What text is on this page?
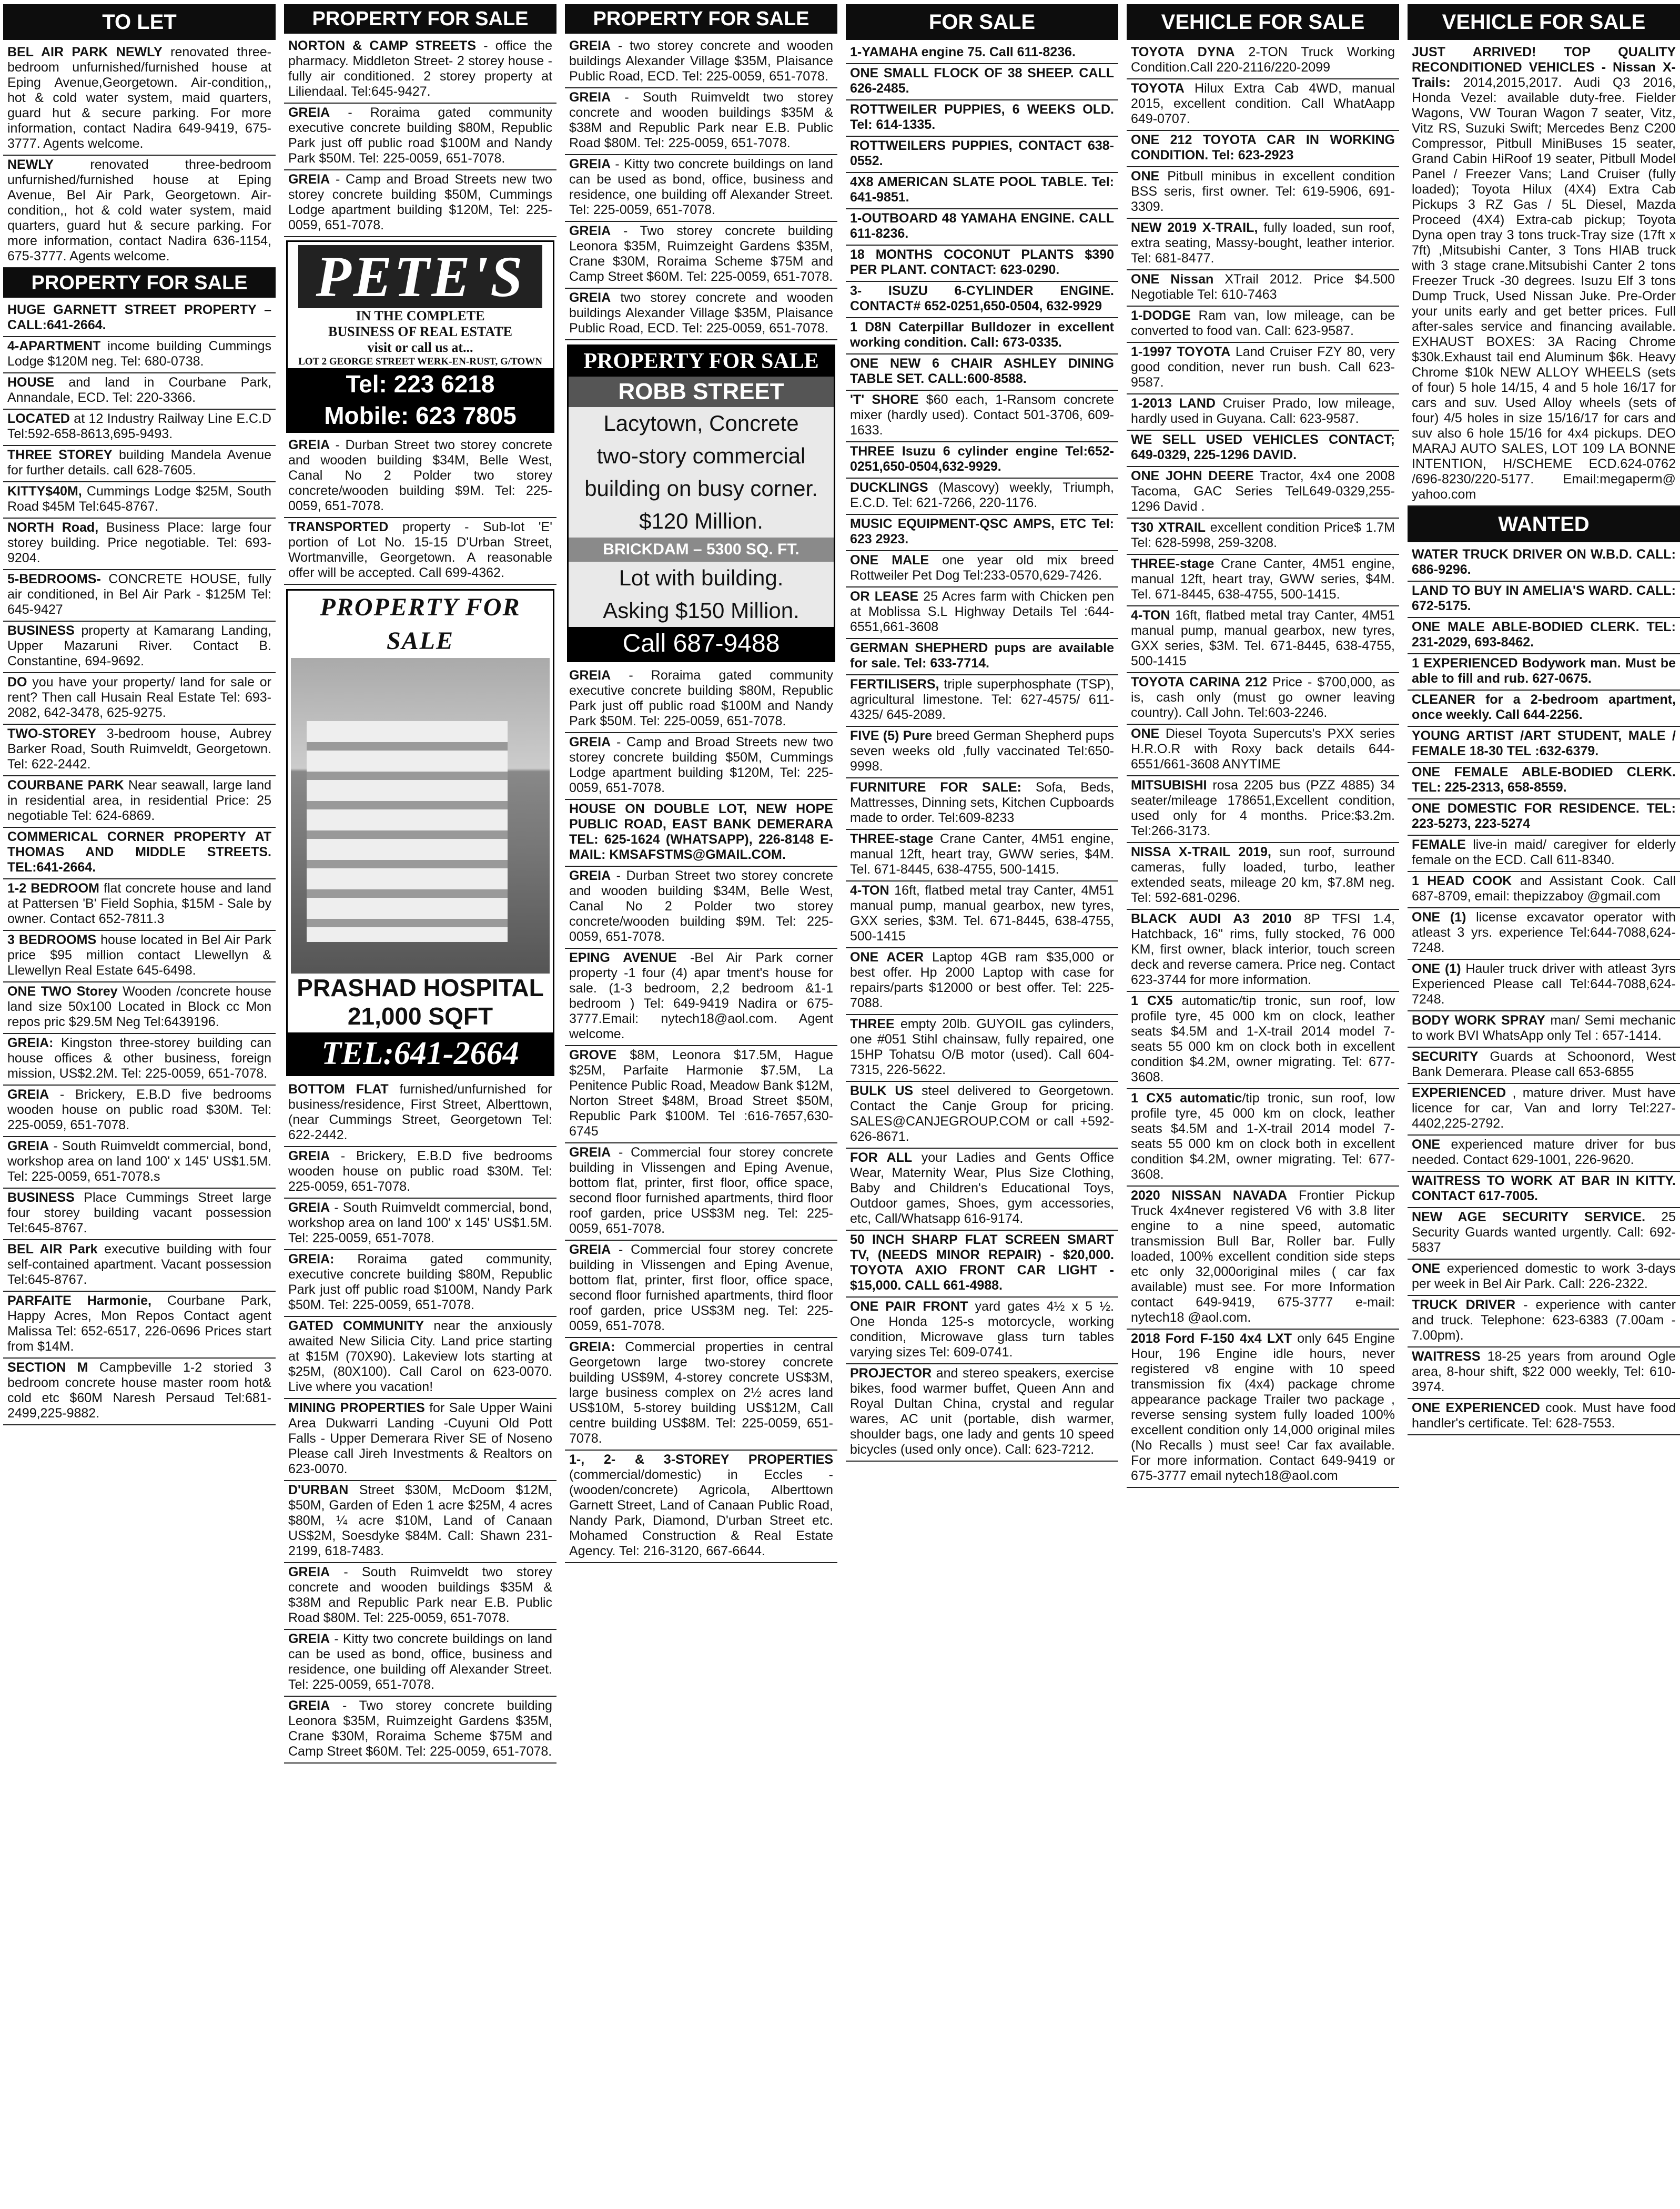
TO LET
BEL AIR PARK NEWLY renovated three-bedroom unfurnished/furnished house at Eping Avenue,Georgetown. Air-condition,, hot & cold water system, maid quarters, guard hut & secure parking. For more information, contact Nadira 649-9419, 675-3777. Agents welcome.
NEWLY renovated three-bedroom unfurnished/furnished house at Eping Avenue, Bel Air Park, Georgetown. Air-condition,, hot & cold water system, maid quarters, guard hut & secure parking. For more information, contact Nadira 636-1154, 675-3777. Agents welcome.
PROPERTY FOR SALE
HUGE GARNETT STREET PROPERTY – CALL:641-2664.
4-APARTMENT income building Cummings Lodge $120M neg. Tel: 680-0738.
HOUSE and land in Courbane Park, Annandale, ECD. Tel: 220-3366.
LOCATED at 12 Industry Railway Line E.C.D Tel:592-658-8613,695-9493.
THREE STOREY building Mandela Avenue for further details. call 628-7605.
KITTY$40M, Cummings Lodge $25M, South Road $45M Tel:645-8767.
NORTH Road, Business Place: large four storey building. Price negotiable. Tel: 693-9204.
5-BEDROOMS- CONCRETE HOUSE, fully air conditioned, in Bel Air Park - $125M Tel: 645-9427
BUSINESS property at Kamarang Landing, Upper Mazaruni River. Contact B. Constantine, 694-9692.
DO you have your property/ land for sale or rent? Then call Husain Real Estate Tel: 693-2082, 642-3478, 625-9275.
TWO-STOREY 3-bedroom house, Aubrey Barker Road, South Ruimveldt, Georgetown. Tel: 622-2442.
COURBANE PARK Near seawall, large land in residential area, in residential Price: 25 negotiable Tel: 624-6869.
COMMERICAL CORNER PROPERTY AT THOMAS AND MIDDLE STREETS. TEL:641-2664.
1-2 BEDROOM flat concrete house and land at Pattersen 'B' Field Sophia, $15M - Sale by owner. Contact 652-7811.3
3 BEDROOMS house located in Bel Air Park price $95 million contact Llewellyn & Llewellyn Real Estate 645-6498.
ONE TWO Storey Wooden /concrete house land size 50x100 Located in Block cc Mon repos pric $29.5M Neg Tel:6439196.
GREIA: Kingston three-storey building can house offices & other business, foreign mission, US$2.2M. Tel: 225-0059, 651-7078.
GREIA - Brickery, E.B.D five bedrooms wooden house on public road $30M. Tel: 225-0059, 651-7078.
GREIA - South Ruimveldt commercial, bond, workshop area on land 100' x 145' US$1.5M. Tel: 225-0059, 651-7078.s
BUSINESS Place Cummings Street large four storey building vacant possession Tel:645-8767.
BEL AIR Park executive building with four self-contained apartment. Vacant possession Tel:645-8767.
PARFAITE Harmonie, Courbane Park, Happy Acres, Mon Repos Contact agent Malissa Tel: 652-6517, 226-0696 Prices start from $14M.
SECTION M Campbeville 1-2 storied 3 bedroom concrete house master room hot& cold etc $60M Naresh Persaud Tel:681-2499,225-9882.
PROPERTY FOR SALE
NORTON & CAMP STREETS - office the pharmacy. Middleton Street- 2 storey house - fully air conditioned. 2 storey property at Liliendaal. Tel:645-9427.
GREIA - Roraima gated community executive concrete building $80M, Republic Park just off public road $100M and Nandy Park $50M. Tel: 225-0059, 651-7078.
GREIA - Camp and Broad Streets new two storey concrete building $50M, Cummings Lodge apartment building $120M, Tel: 225-0059, 651-7078.
PETE'S
IN THE COMPLETE
BUSINESS OF REAL ESTATE
visit or call us at...
LOT 2 GEORGE STREET WERK-EN-RUST, G/TOWN
Tel: 223 6218
Mobile: 623 7805
GREIA - Durban Street two storey concrete and wooden building $34M, Belle West, Canal No 2 Polder two storey concrete/wooden building $9M. Tel: 225-0059, 651-7078.
TRANSPORTED property - Sub-lot 'E' portion of Lot No. 15-15 D'Urban Street, Wortmanville, Georgetown. A reasonable offer will be accepted. Call 699-4362.
PROPERTY FOR SALE
PRASHAD HOSPITAL
21,000 SQFT
TEL:641-2664
BOTTOM FLAT furnished/unfurnished for business/residence, First Street, Alberttown, (near Cummings Street, Georgetown Tel: 622-2442.
GREIA - Brickery, E.B.D five bedrooms wooden house on public road $30M. Tel: 225-0059, 651-7078.
GREIA - South Ruimveldt commercial, bond, workshop area on land 100' x 145' US$1.5M. Tel: 225-0059, 651-7078.
GREIA: Roraima gated community, executive concrete building $80M, Republic Park just off public road $100M, Nandy Park $50M. Tel: 225-0059, 651-7078.
GATED COMMUNITY near the anxiously awaited New Silicia City. Land price starting at $15M (70X90). Lakeview lots starting at $25M, (80X100). Call Carol on 623-0070. Live where you vacation!
MINING PROPERTIES for Sale Upper Waini Area Dukwarri Landing -Cuyuni Old Pott Falls - Upper Demerara River SE of Noseno Please call Jireh Investments & Realtors on 623-0070.
D'URBAN Street $30M, McDoom $12M, $50M, Garden of Eden 1 acre $25M, 4 acres $80M, ¼ acre $10M, Land of Canaan US$2M, Soesdyke $84M. Call: Shawn 231-2199, 618-7483.
GREIA - South Ruimveldt two storey concrete and wooden buildings $35M & $38M and Republic Park near E.B. Public Road $80M. Tel: 225-0059, 651-7078.
GREIA - Kitty two concrete buildings on land can be used as bond, office, business and residence, one building off Alexander Street. Tel: 225-0059, 651-7078.
GREIA - Two storey concrete building Leonora $35M, Ruimzeight Gardens $35M, Crane $30M, Roraima Scheme $75M and Camp Street $60M. Tel: 225-0059, 651-7078.
PROPERTY FOR SALE
GREIA - two storey concrete and wooden buildings Alexander Village $35M, Plaisance Public Road, ECD. Tel: 225-0059, 651-7078.
GREIA - South Ruimveldt two storey concrete and wooden buildings $35M & $38M and Republic Park near E.B. Public Road $80M. Tel: 225-0059, 651-7078.
GREIA - Kitty two concrete buildings on land can be used as bond, office, business and residence, one building off Alexander Street. Tel: 225-0059, 651-7078.
GREIA - Two storey concrete building Leonora $35M, Ruimzeight Gardens $35M, Crane $30M, Roraima Scheme $75M and Camp Street $60M. Tel: 225-0059, 651-7078.
GREIA two storey concrete and wooden buildings Alexander Village $35M, Plaisance Public Road, ECD. Tel: 225-0059, 651-7078.
PROPERTY FOR SALE
ROBB STREET
Lacytown, Concrete
two-story commercial
building on busy corner.
$120 Million.
BRICKDAM – 5300 SQ. FT.
Lot with building.
Asking $150 Million.
Call 687-9488
GREIA - Roraima gated community executive concrete building $80M, Republic Park just off public road $100M and Nandy Park $50M. Tel: 225-0059, 651-7078.
GREIA - Camp and Broad Streets new two storey concrete building $50M, Cummings Lodge apartment building $120M, Tel: 225-0059, 651-7078.
HOUSE ON DOUBLE LOT, NEW HOPE PUBLIC ROAD, EAST BANK DEMERARA TEL: 625-1624 (WHATSAPP), 226-8148 E-MAIL: KMSAFSTMS@GMAIL.COM.
GREIA - Durban Street two storey concrete and wooden building $34M, Belle West, Canal No 2 Polder two storey concrete/wooden building $9M. Tel: 225-0059, 651-7078.
EPING AVENUE -Bel Air Park corner property -1 four (4) apar tment's house for sale. (1-3 bedroom, 2,2 bedroom &1-1 bedroom ) Tel: 649-9419 Nadira or 675-3777.Email: nytech18@aol.com. Agent welcome.
GROVE $8M, Leonora $17.5M, Hague $25M, Parfaite Harmonie $7.5M, La Penitence Public Road, Meadow Bank $12M, Norton Street $48M, Broad Street $50M, Republic Park $100M. Tel :616-7657,630-6745
GREIA - Commercial four storey concrete building in Vlissengen and Eping Avenue, bottom flat, printer, first floor, office space, second floor furnished apartments, third floor roof garden, price US$3M neg. Tel: 225-0059, 651-7078.
GREIA - Commercial four storey concrete building in Vlissengen and Eping Avenue, bottom flat, printer, first floor, office space, second floor furnished apartments, third floor roof garden, price US$3M neg. Tel: 225-0059, 651-7078.
GREIA: Commercial properties in central Georgetown large two-storey concrete building US$9M, 4-storey concrete US$3M, large business complex on 2½ acres land US$10M, 5-storey building US$12M, Call centre building US$8M. Tel: 225-0059, 651-7078.
1-, 2- & 3-STOREY PROPERTIES (commercial/domestic) in Eccles - (wooden/concrete) Agricola, Alberttown Garnett Street, Land of Canaan Public Road, Nandy Park, Diamond, D'urban Street etc. Mohamed Construction & Real Estate Agency. Tel: 216-3120, 667-6644.
FOR SALE
1-YAMAHA engine 75. Call 611-8236.
ONE SMALL FLOCK OF 38 SHEEP. CALL 626-2485.
ROTTWEILER PUPPIES, 6 WEEKS OLD. Tel: 614-1335.
ROTTWEILERS PUPPIES, CONTACT 638-0552.
4X8 AMERICAN SLATE POOL TABLE. Tel: 641-9851.
1-OUTBOARD 48 YAMAHA ENGINE. CALL 611-8236.
18 MONTHS COCONUT PLANTS $390 PER PLANT. CONTACT: 623-0290.
3- ISUZU 6-CYLINDER ENGINE. CONTACT# 652-0251,650-0504, 632-9929
1 D8N Caterpillar Bulldozer in excellent working condition. Call: 673-0335.
ONE NEW 6 CHAIR ASHLEY DINING TABLE SET. CALL:600-8588.
'T' SHORE $60 each, 1-Ransom concrete mixer (hardly used). Contact 501-3706, 609-1633.
THREE Isuzu 6 cylinder engine Tel:652-0251,650-0504,632-9929.
DUCKLINGS (Mascovy) weekly, Triumph, E.C.D. Tel: 621-7266, 220-1176.
MUSIC EQUIPMENT-QSC AMPS, ETC Tel: 623 2923.
ONE MALE one year old mix breed Rottweiler Pet Dog Tel:233-0570,629-7426.
OR LEASE 25 Acres farm with Chicken pen at Moblissa S.L Highway Details Tel :644-6551,661-3608
GERMAN SHEPHERD pups are available for sale. Tel: 633-7714.
FERTILISERS, triple superphosphate (TSP), agricultural limestone. Tel: 627-4575/ 611-4325/ 645-2089.
FIVE (5) Pure breed German Shepherd pups seven weeks old ,fully vaccinated Tel:650-9998.
FURNITURE FOR SALE: Sofa, Beds, Mattresses, Dinning sets, Kitchen Cupboards made to order. Tel:609-8233
THREE-stage Crane Canter, 4M51 engine, manual 12ft, heart tray, GWW series, $4M. Tel. 671-8445, 638-4755, 500-1415.
4-TON 16ft, flatbed metal tray Canter, 4M51 manual pump, manual gearbox, new tyres, GXX series, $3M. Tel. 671-8445, 638-4755, 500-1415
ONE ACER Laptop 4GB ram $35,000 or best offer. Hp 2000 Laptop with case for repairs/parts $12000 or best offer. Tel: 225-7088.
THREE empty 20lb. GUYOIL gas cylinders, one #051 Stihl chainsaw, fully repaired, one 15HP Tohatsu O/B motor (used). Call 604-7315, 226-5622.
BULK US steel delivered to Georgetown. Contact the Canje Group for pricing. SALES@CANJEGROUP.COM or call +592-626-8671.
FOR ALL your Ladies and Gents Office Wear, Maternity Wear, Plus Size Clothing, Baby and Children's Educational Toys, Outdoor games, Shoes, gym accessories, etc, Call/Whatsapp 616-9174.
50 INCH SHARP FLAT SCREEN SMART TV, (NEEDS MINOR REPAIR) - $20,000. TOYOTA AXIO FRONT CAR LIGHT - $15,000. CALL 661-4988.
ONE PAIR FRONT yard gates 4½ x 5 ½. One Honda 125-s motorcycle, working condition, Microwave glass turn tables varying sizes Tel: 609-0741.
PROJECTOR and stereo speakers, exercise bikes, food warmer buffet, Queen Ann and Royal Dultan China, crystal and regular wares, AC unit (portable, dish warmer, shoulder bags, one lady and gents 10 speed bicycles (used only once). Call: 623-7212.
VEHICLE FOR SALE
TOYOTA DYNA 2-TON Truck Working Condition.Call 220-2116/220-2099
TOYOTA Hilux Extra Cab 4WD, manual 2015, excellent condition. Call WhatAapp 649-0707.
ONE 212 TOYOTA CAR IN WORKING CONDITION. Tel: 623-2923
ONE Pitbull minibus in excellent condition BSS seris, first owner. Tel: 619-5906, 691-3309.
NEW 2019 X-TRAIL, fully loaded, sun roof, extra seating, Massy-bought, leather interior. Tel: 681-8477.
ONE Nissan XTrail 2012. Price $4.500 Negotiable Tel: 610-7463
1-DODGE Ram van, low mileage, can be converted to food van. Call: 623-9587.
1-1997 TOYOTA Land Cruiser FZY 80, very good condition, never run bush. Call 623-9587.
1-2013 LAND Cruiser Prado, low mileage, hardly used in Guyana. Call: 623-9587.
WE SELL USED VEHICLES CONTACT; 649-0329, 225-1296 DAVID.
ONE JOHN DEERE Tractor, 4x4 one 2008 Tacoma, GAC Series TelL649-0329,255-1296 David .
T30 XTRAIL excellent condition Price$ 1.7M Tel: 628-5998, 259-3208.
THREE-stage Crane Canter, 4M51 engine, manual 12ft, heart tray, GWW series, $4M. Tel. 671-8445, 638-4755, 500-1415.
4-TON 16ft, flatbed metal tray Canter, 4M51 manual pump, manual gearbox, new tyres, GXX series, $3M. Tel. 671-8445, 638-4755, 500-1415
TOYOTA CARINA 212 Price - $700,000, as is, cash only (must go owner leaving country). Call John. Tel:603-2246.
ONE Diesel Toyota Supercuts's PXX series H.R.O.R with Roxy back details 644-6551/661-3608 ANYTIME
MITSUBISHI rosa 2205 bus (PZZ 4885) 34 seater/mileage 178651,Excellent condition, used only for 4 months. Price:$3.2m. Tel:266-3173.
NISSA X-TRAIL 2019, sun roof, surround cameras, fully loaded, turbo, leather extended seats, mileage 20 km, $7.8M neg. Tel: 592-681-0296.
BLACK AUDI A3 2010 8P TFSI 1.4, Hatchback, 16" rims, fully stocked, 76 000 KM, first owner, black interior, touch screen deck and reverse camera. Price neg. Contact 623-3744 for more information.
1 CX5 automatic/tip tronic, sun roof, low profile tyre, 45 000 km on clock, leather seats $4.5M and 1-X-trail 2014 model 7-seats 55 000 km on clock both in excellent condition $4.2M, owner migrating. Tel: 677-3608.
1 CX5 automatic/tip tronic, sun roof, low profile tyre, 45 000 km on clock, leather seats $4.5M and 1-X-trail 2014 model 7-seats 55 000 km on clock both in excellent condition $4.2M, owner migrating. Tel: 677-3608.
2020 NISSAN NAVADA Frontier Pickup Truck 4x4never registered V6 with 3.8 liter engine to a nine speed, automatic transmission Bull Bar, Roller bar. Fully loaded, 100% excellent condition side steps etc only 32,000original miles ( car fax available) must see. For more Information contact 649-9419, 675-3777 e-mail: nytech18 @aol.com.
2018 Ford F-150 4x4 LXT only 645 Engine Hour, 196 Engine idle hours, never registered v8 engine with 10 speed transmission fix (4x4) package chrome appearance package Trailer two package , reverse sensing system fully loaded 100% excellent condition only 14,000 original miles (No Recalls ) must see! Car fax available. For more information. Contact 649-9419 or 675-3777 email nytech18@aol.com
VEHICLE FOR SALE
JUST ARRIVED! TOP QUALITY RECONDITIONED VEHICLES - Nissan X-Trails: 2014,2015,2017. Audi Q3 2016, Honda Vezel: available duty-free. Fielder Wagons, VW Touran Wagon 7 seater, Vitz, Vitz RS, Suzuki Swift; Mercedes Benz C200 Compressor, Pitbull MiniBuses 15 seater, Grand Cabin HiRoof 19 seater, Pitbull Model Panel / Freezer Vans; Land Cruiser (fully loaded); Toyota Hilux (4X4) Extra Cab Pickups 3 RZ Gas / 5L Diesel, Mazda Proceed (4X4) Extra-cab pickup; Toyota Dyna open tray 3 tons truck-Tray size (17ft x 7ft) ,Mitsubishi Canter, 3 Tons HIAB truck with 3 stage crane.Mitsubishi Canter 2 tons Freezer Truck -30 degrees. Isuzu Elf 3 tons Dump Truck, Used Nissan Juke. Pre-Order your units early and get better prices. Full after-sales service and financing available. EXHAUST BOXES: 3A Racing Chrome $30k.Exhaust tail end Aluminum $6k. Heavy Chrome $10k NEW ALLOY WHEELS (sets of four) 5 hole 14/15, 4 and 5 hole 16/17 for cars and suv. Used Alloy wheels (sets of four) 4/5 holes in size 15/16/17 for cars and suv also 6 hole 15/16 for 4x4 pickups. DEO MARAJ AUTO SALES, LOT 109 LA BONNE INTENTION, H/SCHEME ECD.624-0762 /696-8230/220-5177. Email:megaperm@ yahoo.com
WANTED
WATER TRUCK DRIVER ON W.B.D. CALL: 686-9296.
LAND TO BUY IN AMELIA'S WARD. CALL: 672-5175.
ONE MALE ABLE-BODIED CLERK. TEL: 231-2029, 693-8462.
1 EXPERIENCED Bodywork man. Must be able to fill and rub. 627-0675.
CLEANER for a 2-bedroom apartment, once weekly. Call 644-2256.
YOUNG ARTIST /ART STUDENT, MALE / FEMALE 18-30 TEL :632-6379.
ONE FEMALE ABLE-BODIED CLERK. TEL: 225-2313, 658-8559.
ONE DOMESTIC FOR RESIDENCE. TEL: 223-5273, 223-5274
FEMALE live-in maid/ caregiver for elderly female on the ECD. Call 611-8340.
1 HEAD COOK and Assistant Cook. Call 687-8709, email: thepizzaboy @gmail.com
ONE (1) license excavator operator with atleast 3 yrs. experience Tel:644-7088,624-7248.
ONE (1) Hauler truck driver with atleast 3yrs Experienced Please call Tel:644-7088,624-7248.
BODY WORK SPRAY man/ Semi mechanic to work BVI WhatsApp only Tel : 657-1414.
SECURITY Guards at Schoonord, West Bank Demerara. Please call 653-6855
EXPERIENCED , mature driver. Must have licence for car, Van and lorry Tel:227-4402,225-2792.
ONE experienced mature driver for bus needed. Contact 629-1001, 226-9620.
WAITRESS TO WORK AT BAR IN KITTY. CONTACT 617-7005.
NEW AGE SECURITY SERVICE. 25 Security Guards wanted urgently. Call: 692-5837
ONE experienced domestic to work 3-days per week in Bel Air Park. Call: 226-2322.
TRUCK DRIVER - experience with canter and truck. Telephone: 623-6383 (7.00am - 7.00pm).
WAITRESS 18-25 years from around Ogle area, 8-hour shift, $22 000 weekly, Tel: 610-3974.
ONE EXPERIENCED cook. Must have food handler's certificate. Tel: 628-7553.
